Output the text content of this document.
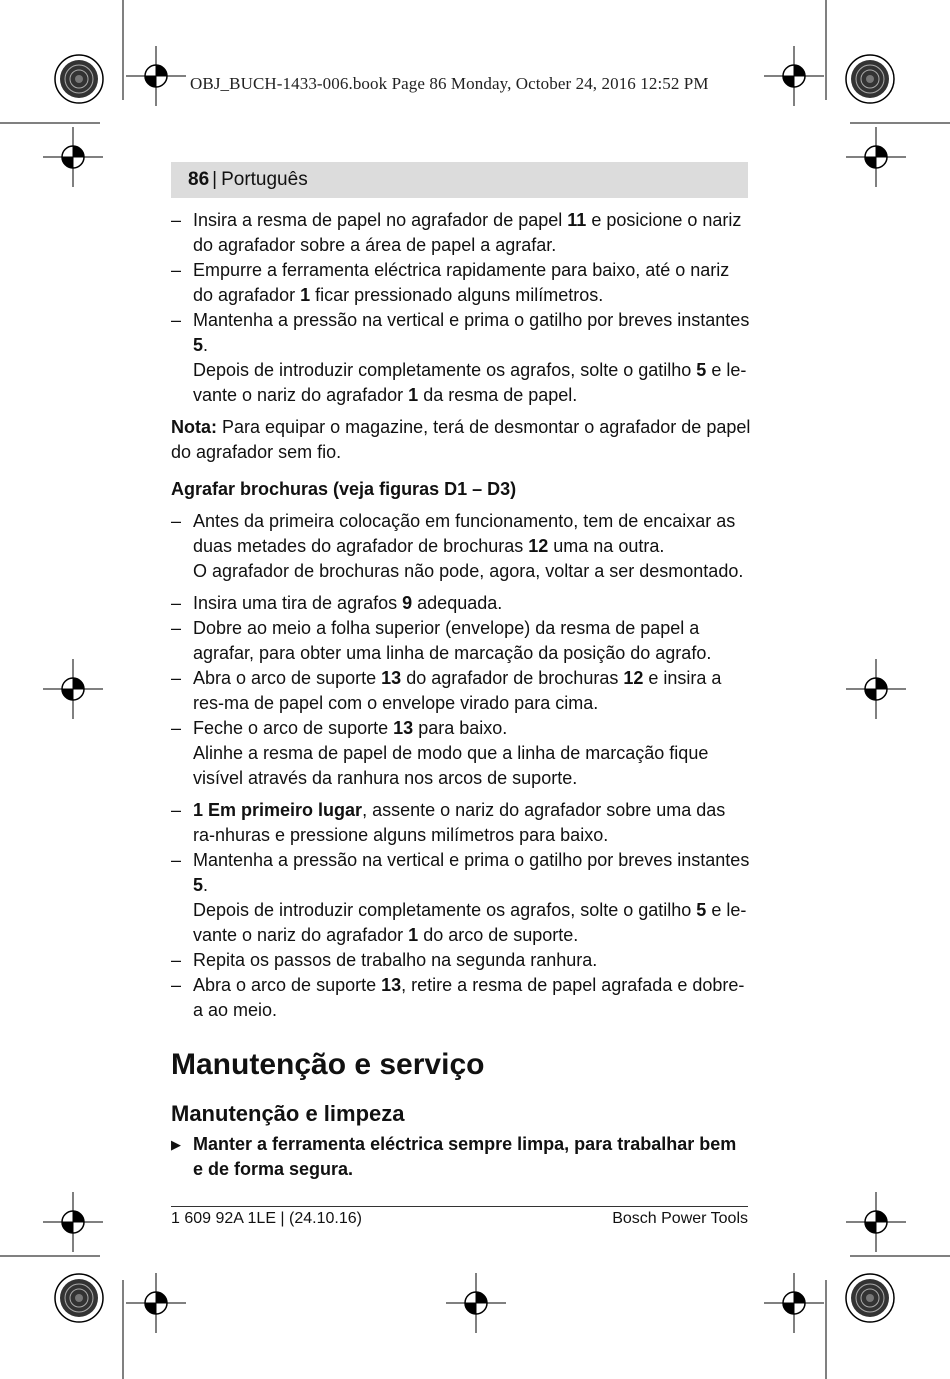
OBJ_BUCH-1433-006.book Page 86 Monday, October 24, 2016 12:52 PM
86 | Português
– Insira a resma de papel no agrafador de papel 11 e posicione o nariz do agrafador sobre a área de papel a agrafar.
– Empurre a ferramenta eléctrica rapidamente para baixo, até o nariz do agrafador 1 ficar pressionado alguns milímetros.
– Mantenha a pressão na vertical e prima o gatilho por breves instantes 5.

Depois de introduzir completamente os agrafos, solte o gatilho 5 e le-vante o nariz do agrafador 1 da resma de papel.

Nota: Para equipar o magazine, terá de desmontar o agrafador de papel do agrafador sem fio.

Agrafar brochuras (veja figuras D1 – D3)

– Antes da primeira colocação em funcionamento, tem de encaixar as duas metades do agrafador de brochuras 12 uma na outra.

O agrafador de brochuras não pode, agora, voltar a ser desmontado.

– Insira uma tira de agrafos 9 adequada.
– Dobre ao meio a folha superior (envelope) da resma de papel a agrafar, para obter uma linha de marcação da posição do agrafo.
– Abra o arco de suporte 13 do agrafador de brochuras 12 e insira a res-ma de papel com o envelope virado para cima.
– Feche o arco de suporte 13 para baixo.

Alinhe a resma de papel de modo que a linha de marcação fique visível através da ranhura nos arcos de suporte.

– 1 Em primeiro lugar, assente o nariz do agrafador sobre uma das ra-nhuras e pressione alguns milímetros para baixo.
– Mantenha a pressão na vertical e prima o gatilho por breves instantes 5.

Depois de introduzir completamente os agrafos, solte o gatilho 5 e le-vante o nariz do agrafador 1 do arco de suporte.

– Repita os passos de trabalho na segunda ranhura.
– Abra o arco de suporte 13, retire a resma de papel agrafada e dobre-a ao meio.

Manutenção e serviço

Manutenção e limpeza

▶ Manter a ferramenta eléctrica sempre limpa, para trabalhar bem e de forma segura.
1 609 92A 1LE | (24.10.16)	Bosch Power Tools
